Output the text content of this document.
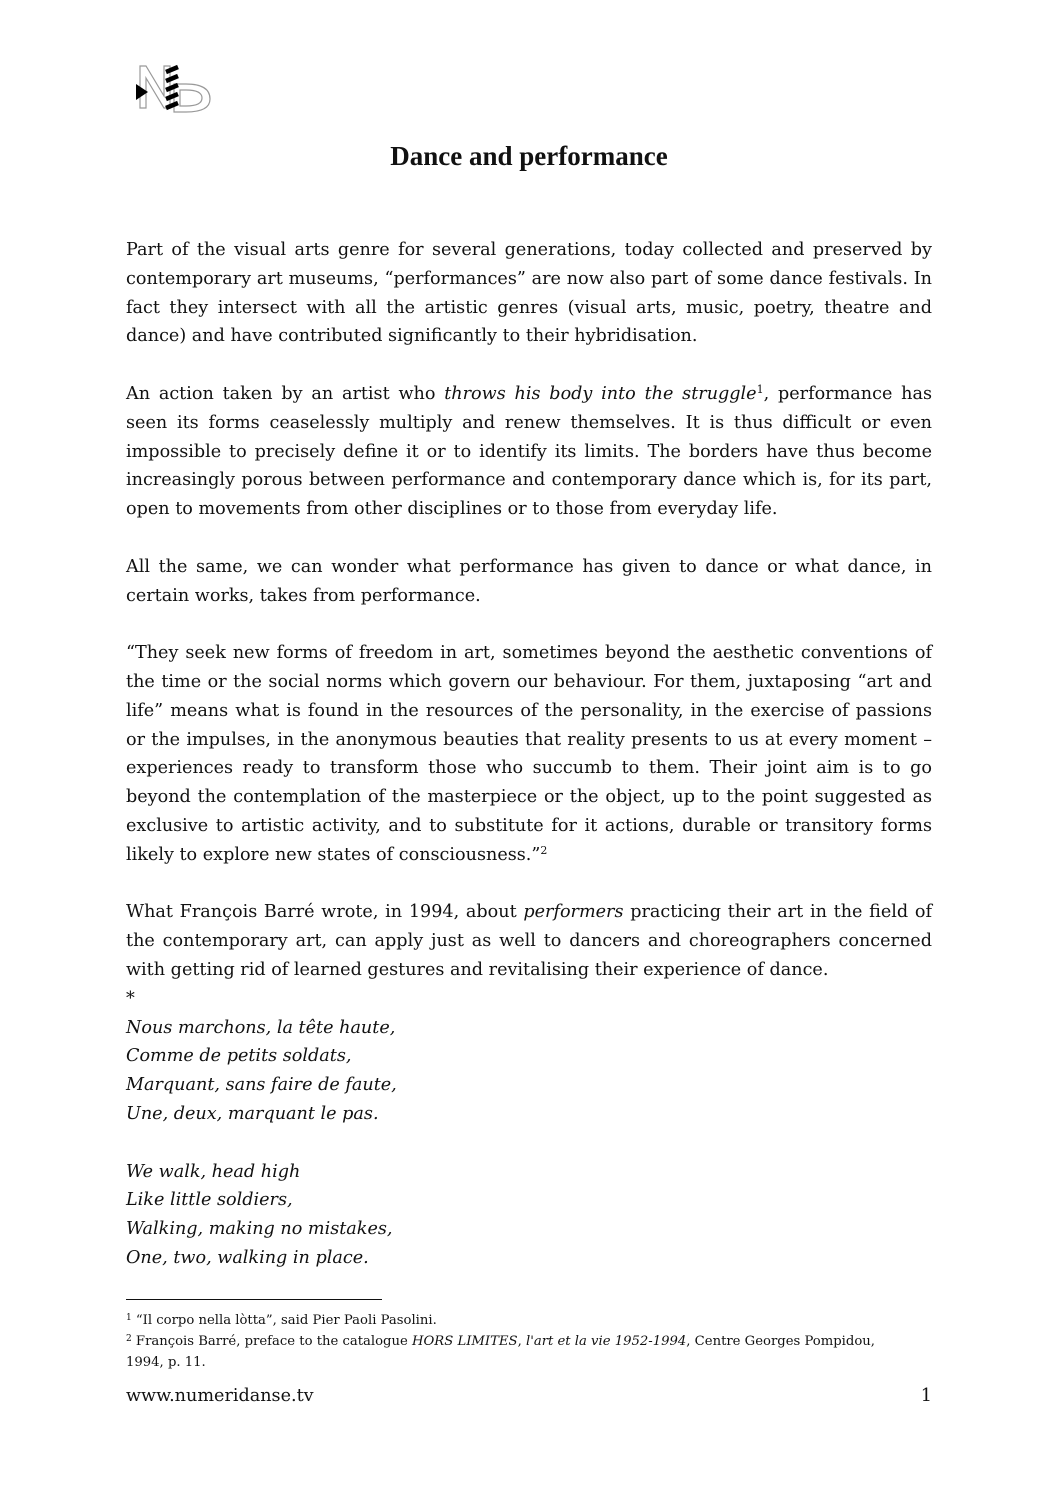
Dance and performance

Part of the visual arts genre for several generations, today collected and preserved by contemporary art museums, “performances” are now also part of some dance festivals. In fact they intersect with all the artistic genres (visual arts, music, poetry, theatre and dance) and have contributed significantly to their hybridisation.

An action taken by an artist who throws his body into the struggle$^1$, performance has seen its forms ceaselessly multiply and renew themselves. It is thus difficult or even impossible to precisely define it or to identify its limits. The borders have thus become increasingly porous between performance and contemporary dance which is, for its part, open to movements from other disciplines or to those from everyday life.

All the same, we can wonder what performance has given to dance or what dance, in certain works, takes from performance.

“They seek new forms of freedom in art, sometimes beyond the aesthetic conventions of the time or the social norms which govern our behaviour. For them, juxtaposing “art and life” means what is found in the resources of the personality, in the exercise of passions or the impulses, in the anonymous beauties that reality presents to us at every moment – experiences ready to transform those who succumb to them. Their joint aim is to go beyond the contemplation of the masterpiece or the object, up to the point suggested as exclusive to artistic activity, and to substitute for it actions, durable or transitory forms likely to explore new states of consciousness.”$^2$

What François Barré wrote, in 1994, about performers practicing their art in the field of the contemporary art, can apply just as well to dancers and choreographers concerned with getting rid of learned gestures and revitalising their experience of dance.

*

Nous marchons, la tête haute,
Comme de petits soldats,
Marquant, sans faire de faute,
Une, deux, marquant le pas.
We walk, head high
Like little soldiers,
Walking, making no mistakes,
One, two, walking in place.
$^1$ “Il corpo nella lòtta”, said Pier Paoli Pasolini.
$^2$ François Barré, preface to the catalogue HORS LIMITES, l'art et la vie 1952-1994, Centre Georges Pompidou, 1994, p. 11.
www.numeridanse.tv	1
